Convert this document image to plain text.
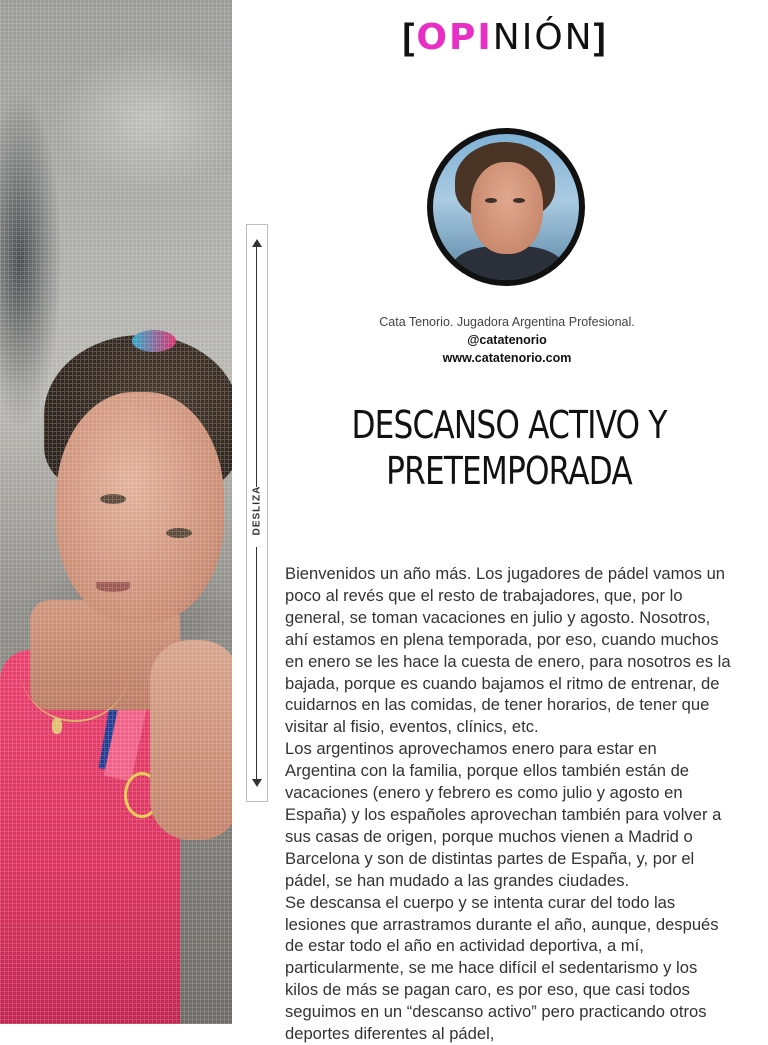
DESLIZA
[OPINIÓN]
Cata Tenorio. Jugadora Argentina Profesional.
@catatenorio
www.catatenorio.com
DESCANSO ACTIVO Y
PRETEMPORADA

Bienvenidos un año más. Los jugadores de pádel vamos un poco al revés que el resto de trabajadores, que, por lo general, se toman vacaciones en julio y agosto. Nosotros, ahí estamos en plena temporada, por eso, cuando muchos en enero se les hace la cuesta de enero, para nosotros es la bajada, porque es cuando bajamos el ritmo de entrenar, de cuidarnos en las comidas, de tener horarios, de tener que visitar al fisio, eventos, clínics, etc.

Los argentinos aprovechamos enero para estar en Argentina con la familia, porque ellos también están de vacaciones (enero y febrero es como julio y agosto en España) y los españoles aprovechan también para volver a sus casas de origen, porque muchos vienen a Madrid o Barcelona y son de distintas partes de España, y, por el pádel, se han mudado a las grandes ciudades.

Se descansa el cuerpo y se intenta curar del todo las lesiones que arrastramos durante el año, aunque, después de estar todo el año en actividad deportiva, a mí, particularmente, se me hace difícil el sedentarismo y los kilos de más se pagan caro, es por eso, que casi todos seguimos en un “descanso activo” pero practicando otros deportes diferentes al pádel,
